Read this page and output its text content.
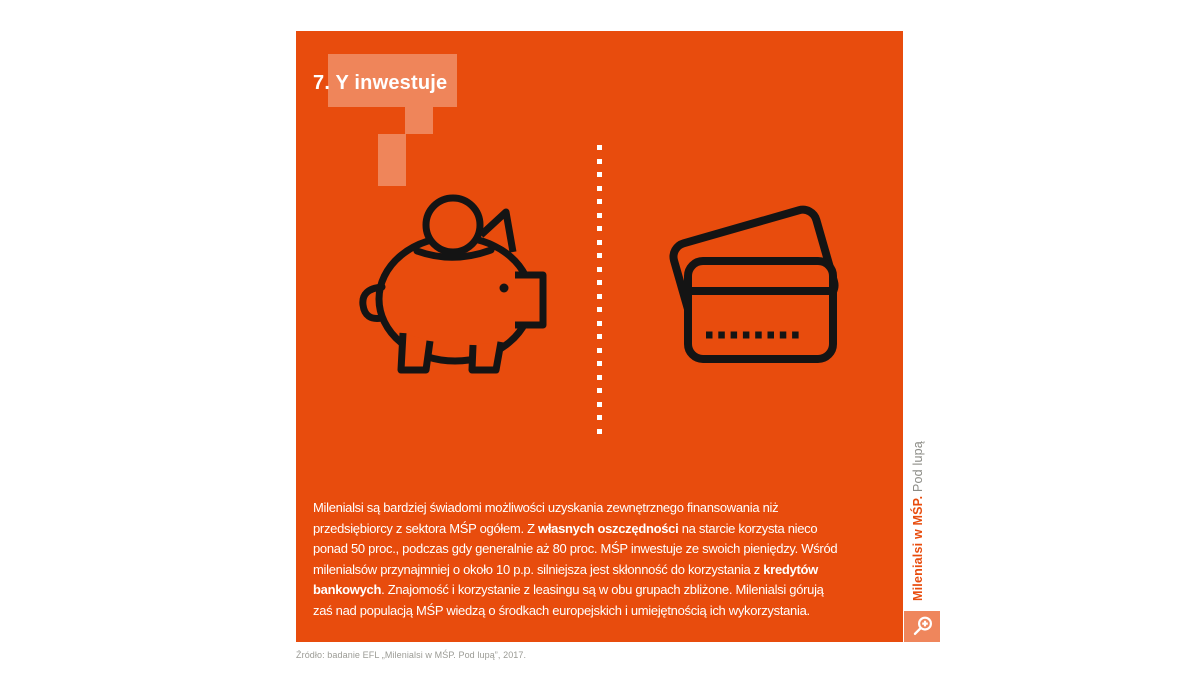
7. Y inwestuje
Milenialsi są bardziej świadomi możliwości uzyskania zewnętrznego finansowania niż
przedsiębiorcy z sektora MŚP ogółem. Z własnych oszczędności na starcie korzysta nieco
ponad 50 proc., podczas gdy generalnie aż 80 proc. MŚP inwestuje ze swoich pieniędzy. Wśród
milenialsów przynajmniej o około 10 p.p. silniejsza jest skłonność do korzystania z kredytów
bankowych. Znajomość i korzystanie z leasingu są w obu grupach zbliżone. Milenialsi górują
zaś nad populacją MŚP wiedzą o środkach europejskich i umiejętnością ich wykorzystania.
Milenialsi w MŚP. Pod lupą
Źródło: badanie EFL „Milenialsi w MŚP. Pod lupą”, 2017.
